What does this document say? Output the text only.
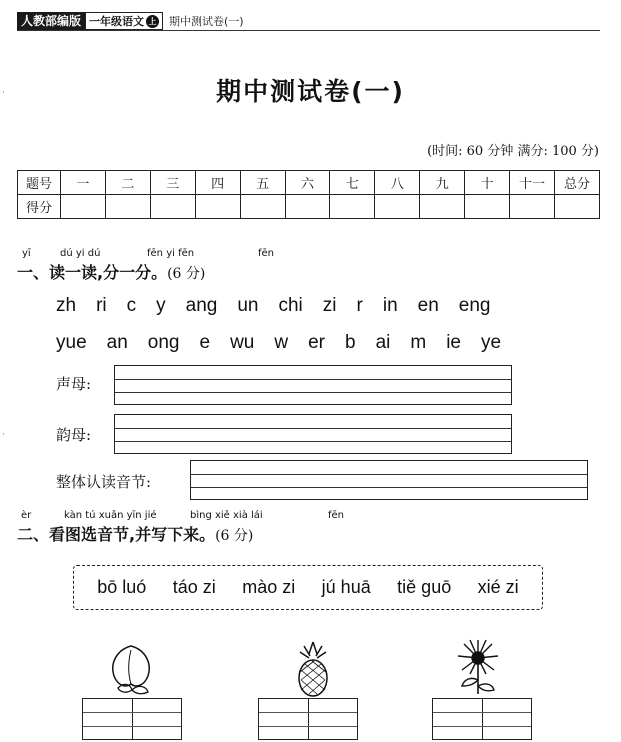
人教部编版 一年级语文 上 期中测试卷(一)
·
·
期中测试卷(一)
(时间: 60 分钟 满分: 100 分)
题号	一	二	三	四	五	六	七	八	九	十	十一	总分
得分												
yī	dú yi dú	fēn yi fēn	fēn
一、读一读,分一分。(6 分)
zh ri c y ang un chi zi r in en eng
yue an ong e wu w er b ai m ie ye
声母:
韵母:
整体认读音节:
èr	kàn tú xuǎn yīn jié	bìng xiě xià lái	fēn
二、看图选音节,并写下来。(6 分)
bō luó táo zi mào zi jú huā tiě guō xié zi
